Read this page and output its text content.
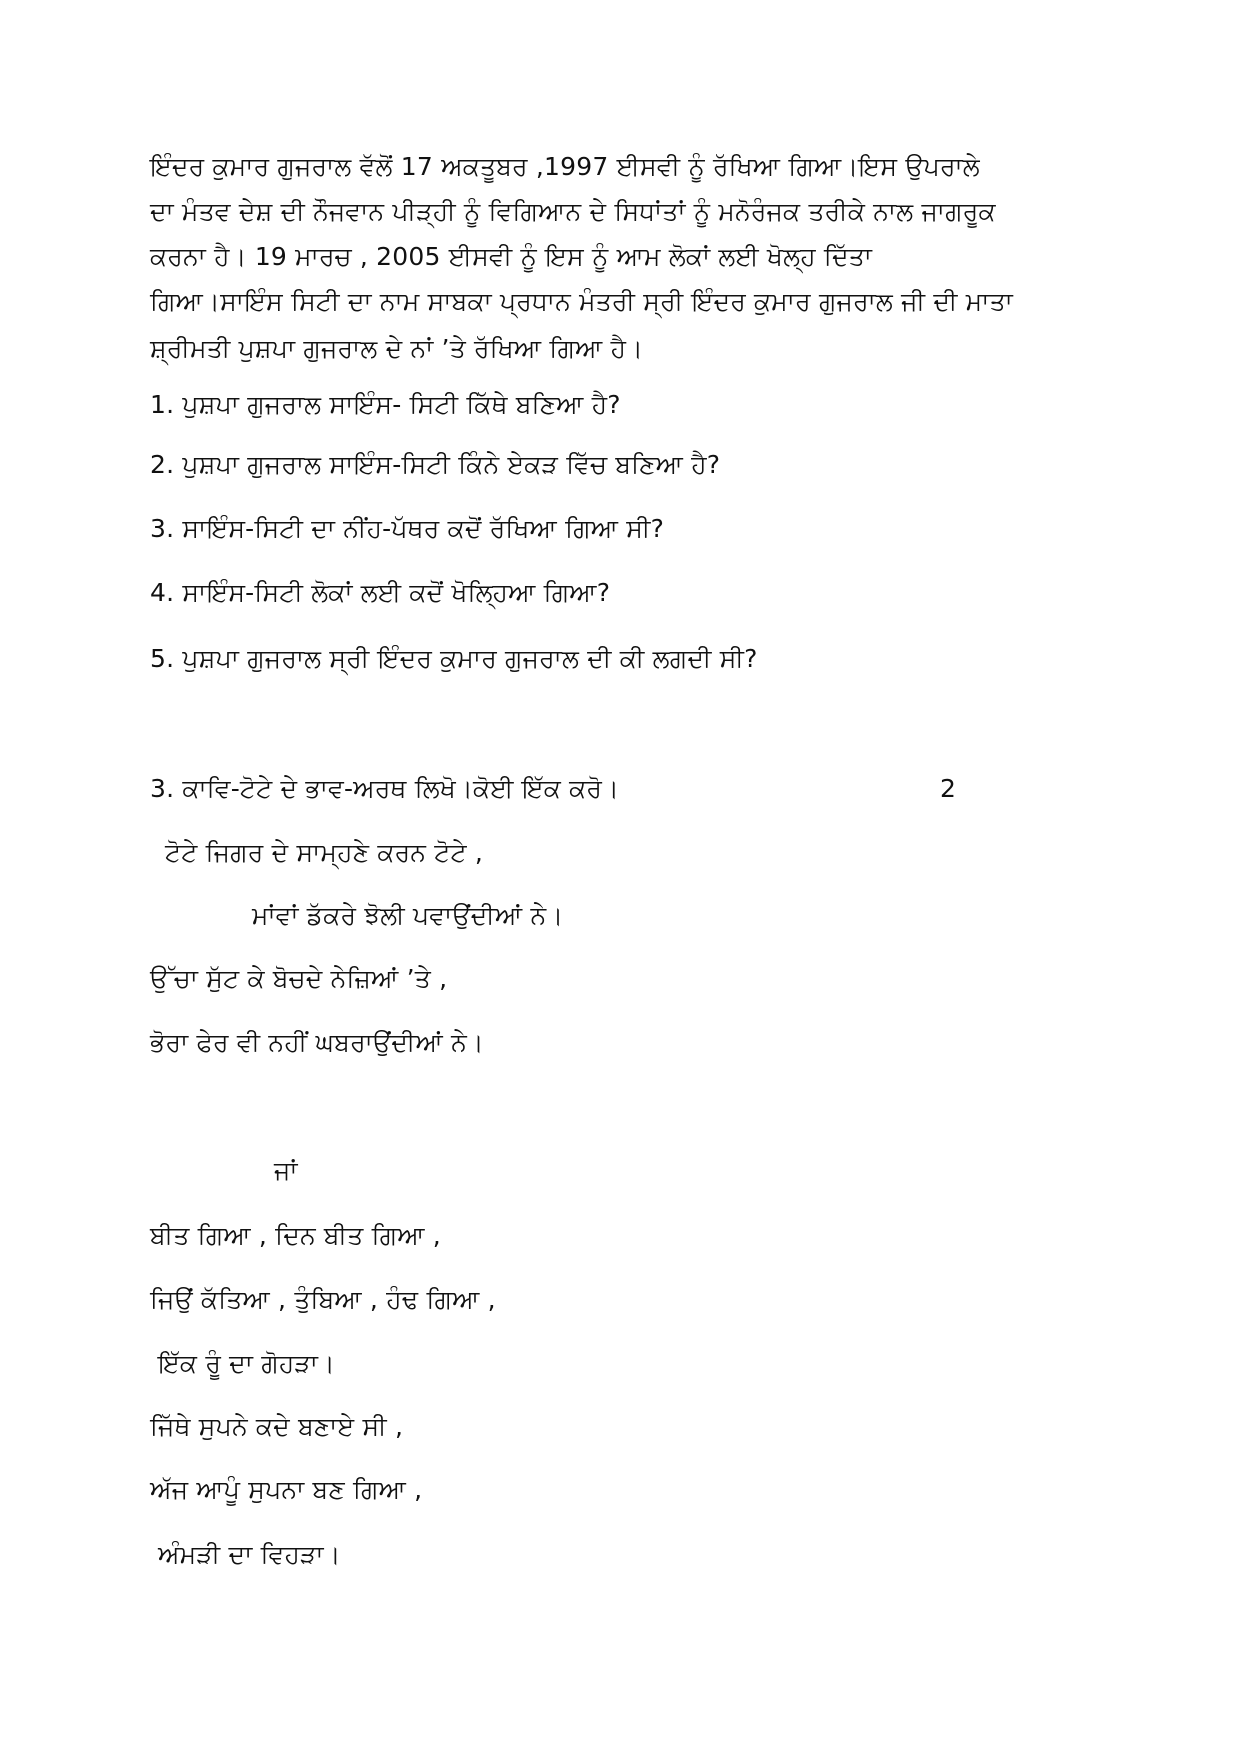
ਇੰਦਰ ਕੁਮਾਰ ਗੁਜਰਾਲ ਵੱਲੋਂ 17 ਅਕਤੂਬਰ ,1997 ਈਸਵੀ ਨੂੰ ਰੱਖਿਆ ਗਿਆ।ਇਸ ਉਪਰਾਲੇ
ਦਾ ਮੰਤਵ ਦੇਸ਼ ਦੀ ਨੌਜਵਾਨ ਪੀੜ੍ਹੀ ਨੂੰ ਵਿਗਿਆਨ ਦੇ ਸਿਧਾਂਤਾਂ ਨੂੰ ਮਨੋਰੰਜਕ ਤਰੀਕੇ ਨਾਲ ਜਾਗਰੂਕ
ਕਰਨਾ ਹੈ। 19 ਮਾਰਚ , 2005 ਈਸਵੀ ਨੂੰ ਇਸ ਨੂੰ ਆਮ ਲੋਕਾਂ ਲਈ ਖੋਲ੍ਹ ਦਿੱਤਾ
ਗਿਆ।ਸਾਇੰਸ ਸਿਟੀ ਦਾ ਨਾਮ ਸਾਬਕਾ ਪ੍ਰਧਾਨ ਮੰਤਰੀ ਸ੍ਰੀ ਇੰਦਰ ਕੁਮਾਰ ਗੁਜਰਾਲ ਜੀ ਦੀ ਮਾਤਾ
ਸ਼੍ਰੀਮਤੀ ਪੁਸ਼ਪਾ ਗੁਜਰਾਲ ਦੇ ਨਾਂ ’ਤੇ ਰੱਖਿਆ ਗਿਆ ਹੈ।
1. ਪੁਸ਼ਪਾ ਗੁਜਰਾਲ ਸਾਇੰਸ- ਸਿਟੀ ਕਿੱਥੇ ਬਣਿਆ ਹੈ?
2. ਪੁਸ਼ਪਾ ਗੁਜਰਾਲ ਸਾਇੰਸ-ਸਿਟੀ ਕਿੰਨੇ ਏਕੜ ਵਿੱਚ ਬਣਿਆ ਹੈ?
3. ਸਾਇੰਸ-ਸਿਟੀ ਦਾ ਨੀਂਹ-ਪੱਥਰ ਕਦੋਂ ਰੱਖਿਆ ਗਿਆ ਸੀ?
4. ਸਾਇੰਸ-ਸਿਟੀ ਲੋਕਾਂ ਲਈ ਕਦੋਂ ਖੋਲ੍ਹਿਆ ਗਿਆ?
5. ਪੁਸ਼ਪਾ ਗੁਜਰਾਲ ਸ੍ਰੀ ਇੰਦਰ ਕੁਮਾਰ ਗੁਜਰਾਲ ਦੀ ਕੀ ਲਗਦੀ ਸੀ?
3. ਕਾਵਿ-ਟੋਟੇ ਦੇ ਭਾਵ-ਅਰਥ ਲਿਖੋ।ਕੋਈ ਇੱਕ ਕਰੋ।	2
ਟੋਟੇ ਜਿਗਰ ਦੇ ਸਾਮ੍ਹਣੇ ਕਰਨ ਟੋਟੇ ,
ਮਾਂਵਾਂ ਡੱਕਰੇ ਝੋਲੀ ਪਵਾਉਂਦੀਆਂ ਨੇ।
ਉੱਚਾ ਸੁੱਟ ਕੇ ਬੋਚਦੇ ਨੇਜ਼ਿਆਂ ’ਤੇ ,
ਭੋਰਾ ਫੇਰ ਵੀ ਨਹੀਂ ਘਬਰਾਉਂਦੀਆਂ ਨੇ।
ਜਾਂ
ਬੀਤ ਗਿਆ , ਦਿਨ ਬੀਤ ਗਿਆ ,
ਜਿਉਂ ਕੱਤਿਆ , ਤੁੰਬਿਆ , ਹੰਢ ਗਿਆ ,
ਇੱਕ ਰੂੰ ਦਾ ਗੋਹੜਾ।
ਜਿੱਥੇ ਸੁਪਨੇ ਕਦੇ ਬਣਾਏ ਸੀ ,
ਅੱਜ ਆਪੂੰ ਸੁਪਨਾ ਬਣ ਗਿਆ ,
ਅੰਮੜੀ ਦਾ ਵਿਹੜਾ।
